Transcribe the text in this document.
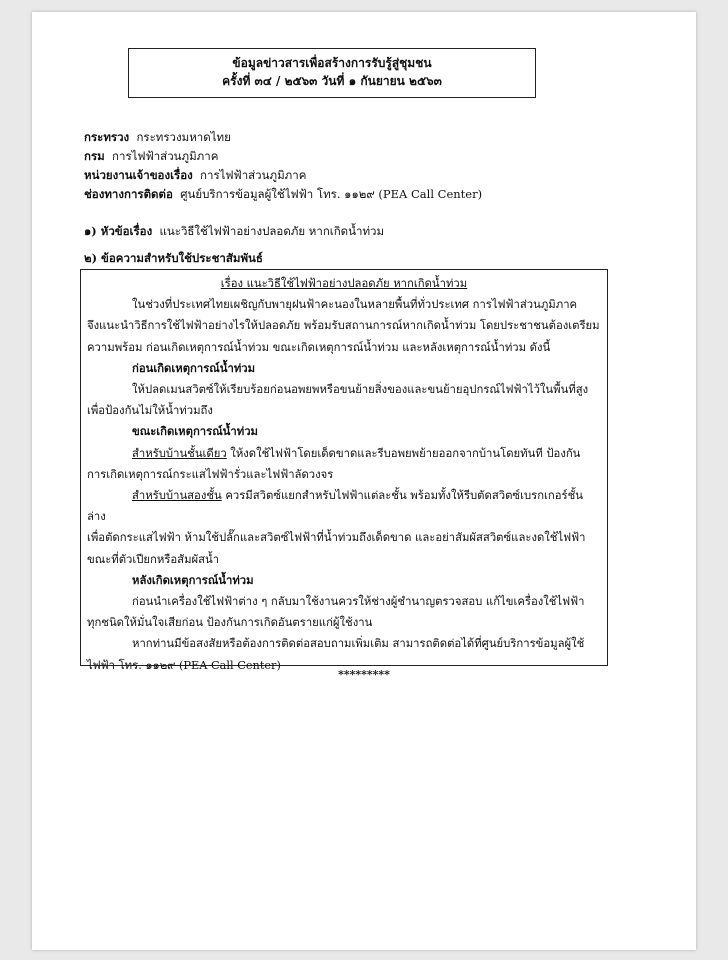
ข้อมูลข่าวสารเพื่อสร้างการรับรู้สู่ชุมชน
ครั้งที่ ๓๔ / ๒๕๖๓ วันที่ ๑ กันยายน ๒๕๖๓
กระทรวง กระทรวงมหาดไทย
กรม การไฟฟ้าส่วนภูมิภาค
หน่วยงานเจ้าของเรื่อง การไฟฟ้าส่วนภูมิภาค
ช่องทางการติดต่อ ศูนย์บริการข้อมูลผู้ใช้ไฟฟ้า โทร. ๑๑๒๙ (PEA Call Center)
๑) หัวข้อเรื่อง แนะวิธีใช้ไฟฟ้าอย่างปลอดภัย หากเกิดน้ำท่วม
๒) ข้อความสำหรับใช้ประชาสัมพันธ์
เรื่อง แนะวิธีใช้ไฟฟ้าอย่างปลอดภัย หากเกิดน้ำท่วม

ในช่วงที่ประเทศไทยเผชิญกับพายุฝนฟ้าคะนองในหลายพื้นที่ทั่วประเทศ การไฟฟ้าส่วนภูมิภาค

จึงแนะนำวิธีการใช้ไฟฟ้าอย่างไรให้ปลอดภัย พร้อมรับสถานการณ์หากเกิดน้ำท่วม โดยประชาชนต้องเตรียม

ความพร้อม ก่อนเกิดเหตุการณ์น้ำท่วม ขณะเกิดเหตุการณ์น้ำท่วม และหลังเหตุการณ์น้ำท่วม ดังนี้

ก่อนเกิดเหตุการณ์น้ำท่วม

ให้ปลดเมนสวิตซ์ให้เรียบร้อยก่อนอพยพหรือขนย้ายสิ่งของและขนย้ายอุปกรณ์ไฟฟ้าไว้ในพื้นที่สูง

เพื่อป้องกันไม่ให้น้ำท่วมถึง

ขณะเกิดเหตุการณ์น้ำท่วม

สำหรับบ้านชั้นเดียว ให้งดใช้ไฟฟ้าโดยเด็ดขาดและรีบอพยพย้ายออกจากบ้านโดยทันที ป้องกัน

การเกิดเหตุการณ์กระแสไฟฟ้ารั่วและไฟฟ้าลัดวงจร

สำหรับบ้านสองชั้น ควรมีสวิตซ์แยกสำหรับไฟฟ้าแต่ละชั้น พร้อมทั้งให้รีบตัดสวิตซ์เบรกเกอร์ชั้นล่าง

เพื่อตัดกระแสไฟฟ้า ห้ามใช้ปลั๊กและสวิตซ์ไฟฟ้าที่น้ำท่วมถึงเด็ดขาด และอย่าสัมผัสสวิตซ์และงดใช้ไฟฟ้า

ขณะที่ตัวเปียกหรือสัมผัสน้ำ

หลังเกิดเหตุการณ์น้ำท่วม

ก่อนนำเครื่องใช้ไฟฟ้าต่าง ๆ กลับมาใช้งานควรให้ช่างผู้ชำนาญตรวจสอบ แก้ไขเครื่องใช้ไฟฟ้า

ทุกชนิดให้มั่นใจเสียก่อน ป้องกันการเกิดอันตรายแก่ผู้ใช้งาน

หากท่านมีข้อสงสัยหรือต้องการติดต่อสอบถามเพิ่มเติม สามารถติดต่อได้ที่ศูนย์บริการข้อมูลผู้ใช้

ไฟฟ้า โทร. ๑๑๒๙ (PEA Call Center)

*********
